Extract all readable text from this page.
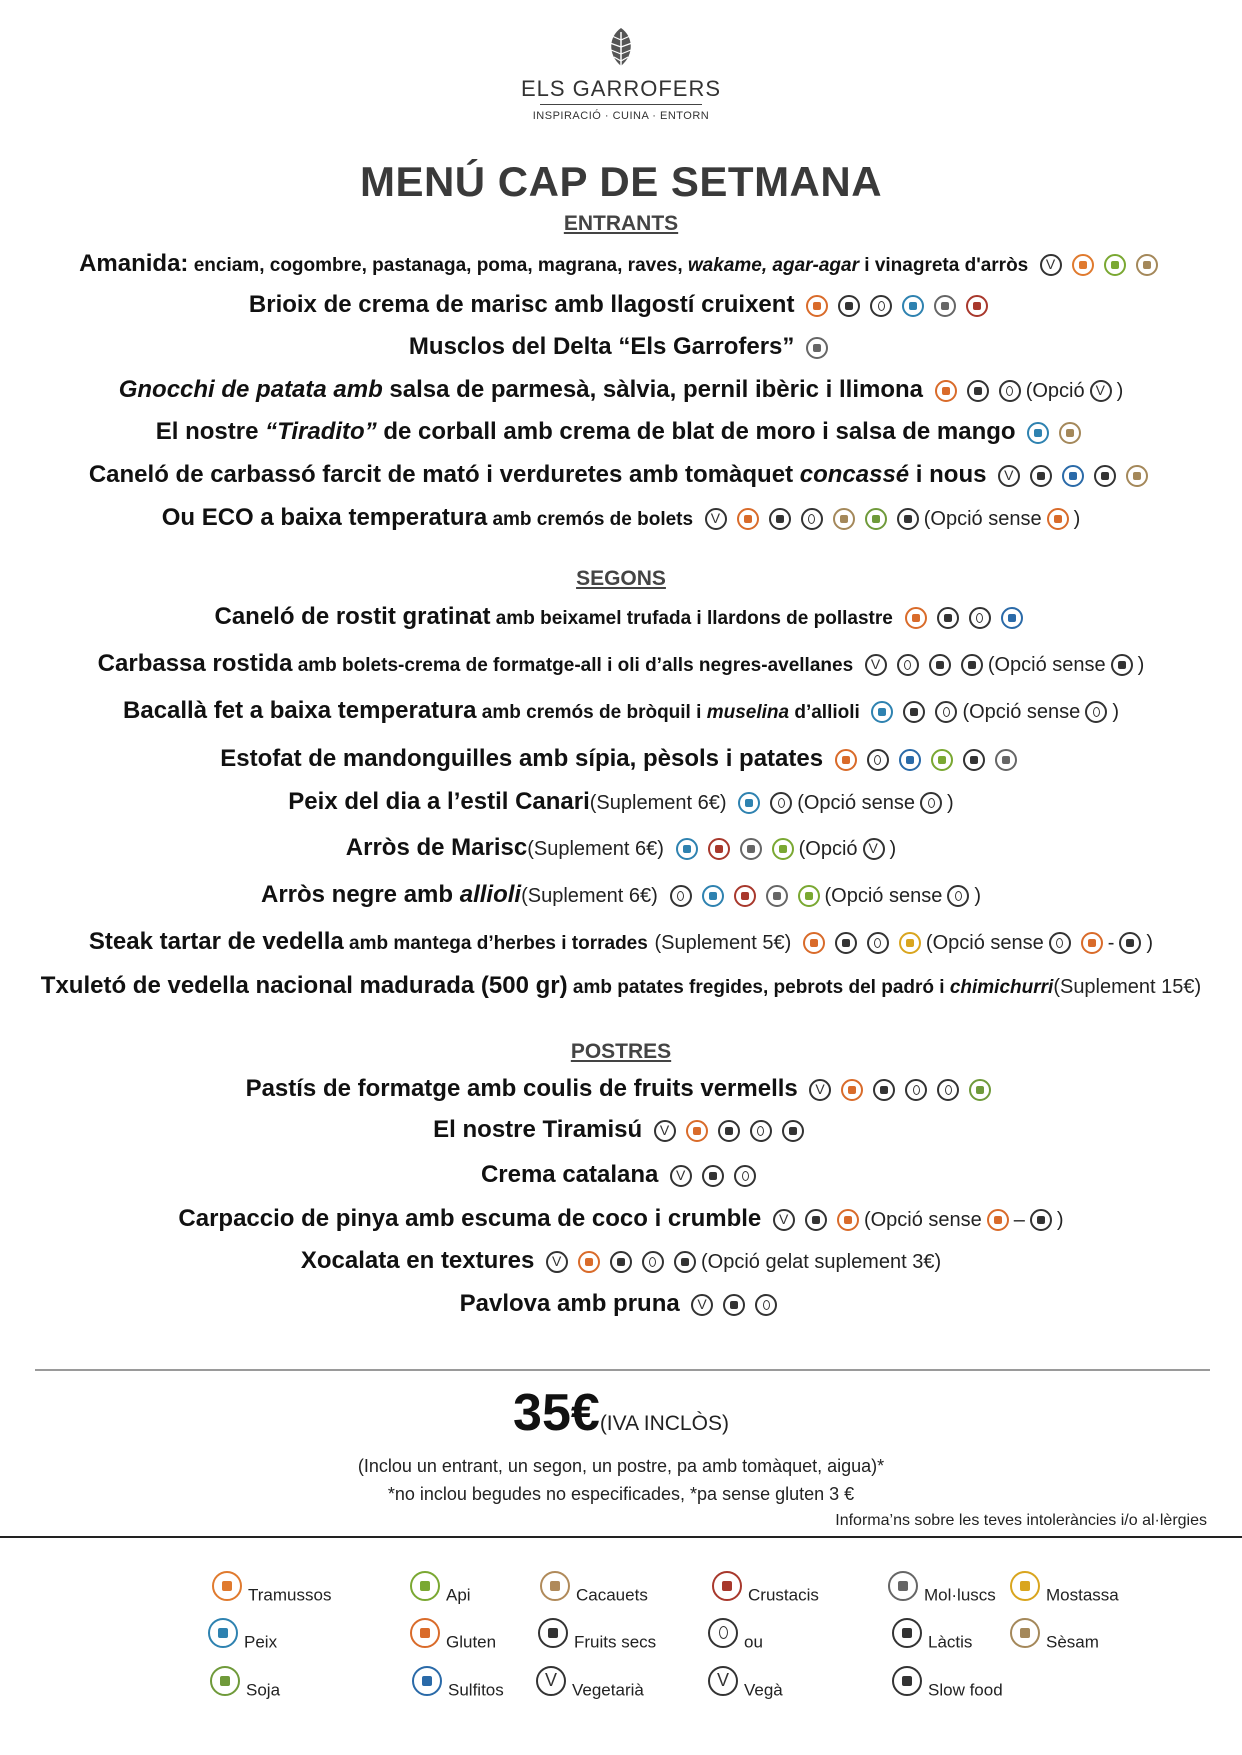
ELS GARROFERS
INSPIRACIÓ · CUINA · ENTORN
MENÚ CAP DE SETMANA
ENTRANTS
Amanida: enciam, cogombre, pastanaga, poma, magrana, raves, wakame, agar-agar i vinagreta d'arròs V
Brioix de crema de marisc amb llagostí cruixent
Musclos del Delta “Els Garrofers”
Gnocchi de patata amb salsa de parmesà, sàlvia, pernil ibèric i llimona	(Opció V )
El nostre “Tiradito” de corball amb crema de blat de moro i salsa de mango
Caneló de carbassó farcit de mató i verduretes amb tomàquet concassé i nous V
Ou ECO a baixa temperatura amb cremós de bolets V	(Opció sense )
SEGONS
Caneló de rostit gratinat amb beixamel trufada i llardons de pollastre
Carbassa rostida amb bolets-crema de formatge-all i oli d’alls negres-avellanes V	(Opció sense )
Bacallà fet a baixa temperatura amb cremós de bròquil i muselina d’allioli	(Opció sense )
Estofat de mandonguilles amb sípia, pèsols i patates
Peix del dia a l’estil Canari(Suplement 6€)	(Opció sense )
Arròs de Marisc(Suplement 6€)	(Opció V )
Arròs negre amb allioli(Suplement 6€)	(Opció sense )
Steak tartar de vedella amb mantega d’herbes i torrades (Suplement 5€)	(Opció sense	- )
Txuletó de vedella nacional madurada (500 gr) amb patates fregides, pebrots del padró i chimichurri(Suplement 15€)
POSTRES
Pastís de formatge amb coulis de fruits vermells V
El nostre Tiramisú V
Crema catalana V
Carpaccio de pinya amb escuma de coco i crumble V	(Opció sense – )
Xocalata en textures V	(Opció gelat suplement 3€)
Pavlova amb pruna V
35€(IVA INCLÒS)
(Inclou un entrant, un segon, un postre, pa amb tomàquet, aigua)*
*no inclou begudes no especificades, *pa sense gluten 3 €
Informa’ns sobre les teves intoleràncies i/o al·lèrgies
Tramussos	Api	Cacauets	Crustacis	Mol·luscs	Mostassa
Peix	Gluten	Fruits secs	ou	Làctis	Sèsam
Soja	Sulfitos V	Vegetarià V	Vegà	Slow food
